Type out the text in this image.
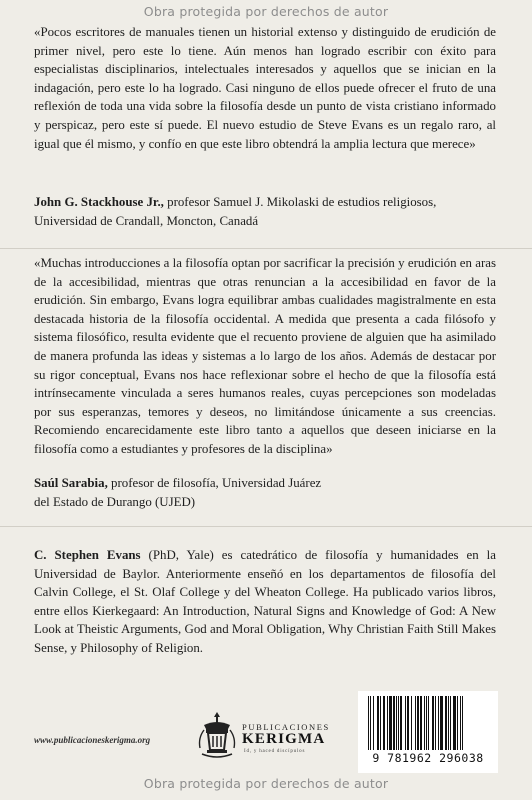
Obra protegida por derechos de autor
«Pocos escritores de manuales tienen un historial extenso y distinguido de erudición de primer nivel, pero este lo tiene. Aún menos han logrado escribir con éxito para especialistas disciplinarios, intelectuales interesados y aquellos que se inician en la indagación, pero este lo ha logrado. Casi ninguno de ellos puede ofrecer el fruto de una reflexión de toda una vida sobre la filosofía desde un punto de vista cristiano informado y perspicaz, pero este sí puede. El nuevo estudio de Steve Evans es un regalo raro, al igual que él mismo, y confío en que este libro obtendrá la amplia lectura que merece»
John G. Stackhouse Jr., profesor Samuel J. Mikolaski de estudios religiosos, Universidad de Crandall, Moncton, Canadá
«Muchas introducciones a la filosofía optan por sacrificar la precisión y erudición en aras de la accesibilidad, mientras que otras renuncian a la accesibilidad en favor de la erudición. Sin embargo, Evans logra equilibrar ambas cualidades magistralmente en esta destacada historia de la filosofía occidental. A medida que presenta a cada filósofo y sistema filosófico, resulta evidente que el recuento proviene de alguien que ha asimilado de manera profunda las ideas y sistemas a lo largo de los años. Además de destacar por su rigor conceptual, Evans nos hace reflexionar sobre el hecho de que la filosofía está intrínsecamente vinculada a seres humanos reales, cuyas percepciones son modeladas por sus esperanzas, temores y deseos, no limitándose únicamente a sus creencias. Recomiendo encarecidamente este libro tanto a aquellos que deseen iniciarse en la filosofía como a estudiantes y profesores de la disciplina»
Saúl Sarabia, profesor de filosofía, Universidad Juárez del Estado de Durango (UJED)
C. Stephen Evans (PhD, Yale) es catedrático de filosofía y humanidades en la Universidad de Baylor. Anteriormente enseñó en los departamentos de filosofía del Calvin College, el St. Olaf College y del Wheaton College. Ha publicado varios libros, entre ellos Kierkegaard: An Introduction, Natural Signs and Knowledge of God: A New Look at Theistic Arguments, God and Moral Obligation, Why Christian Faith Still Makes Sense, y Philosophy of Religion.
www.publicacioneskerigma.org
PUBLICACIONES
KERIGMA
Id, y haced discípulos	9 781962 296038
Obra protegida por derechos de autor
